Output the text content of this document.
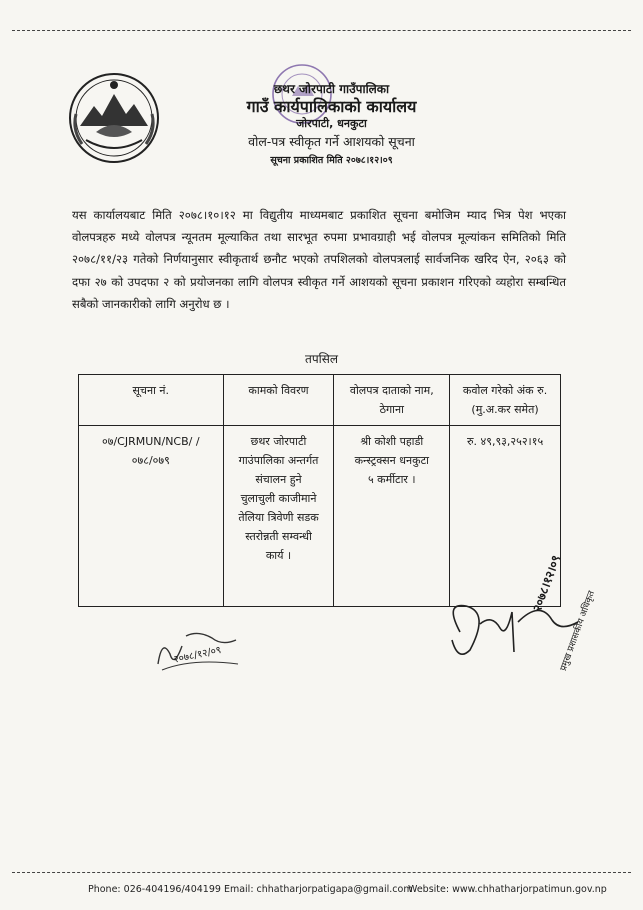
छथर जोरपाटी गाउँपालिका
गाउँ कार्यपालिकाको कार्यालय
जोरपाटी, धनकुटा
वोल-पत्र स्वीकृत गर्ने आशयको सूचना
सूचना प्रकाशित मिति २०७८।१२।०९
यस कार्यालयबाट मिति २०७८।१०।१२ मा विद्युतीय माध्यमबाट प्रकाशित सूचना बमोजिम म्याद भित्र पेश भएका वोलपत्रहरु मध्ये वोलपत्र न्यूनतम मूल्याकित तथा सारभूत रुपमा प्रभावग्राही भई वोलपत्र मूल्यांकन समितिको मिति २०७८/११/२३ गतेको निर्णयानुसार स्वीकृतार्थ छनौट भएको तपशिलको वोलपत्रलाई सार्वजनिक खरिद ऐन, २०६३ को दफा २७ को उपदफा २ को प्रयोजनका लागि वोलपत्र स्वीकृत गर्ने आशयको सूचना प्रकाशन गरिएको व्यहोरा सम्बन्धित सबैको जानकारीको लागि अनुरोध छ ।
तपसिल
सूचना नं.	कामको विवरण	वोलपत्र दाताको नाम, ठेगाना	कवोल गरेको अंक रु. (मु.अ.कर समेत)
०७/CJRMUN/NCB/ /०७८/०७९	छथर जोरपाटी गाउंपालिका अन्तर्गत संचालन हुने चुलाचुली काजीमाने तेलिया त्रिवेणी सडक स्तरोन्नती सम्वन्धी कार्य ।	श्री कोशी पहाडी कन्स्ट्रक्सन धनकुटा ५ कर्मीटार ।	रु. ४९,९३,२५२।१५
२०७८।१२।०९
प्रमुख प्रशासकीय अधिकृत
२०७८/१२/०९
Phone: 026-404196/404199 Email: chhatharjorpatigapa@gmail.com
Website: www.chhatharjorpatimun.gov.np
